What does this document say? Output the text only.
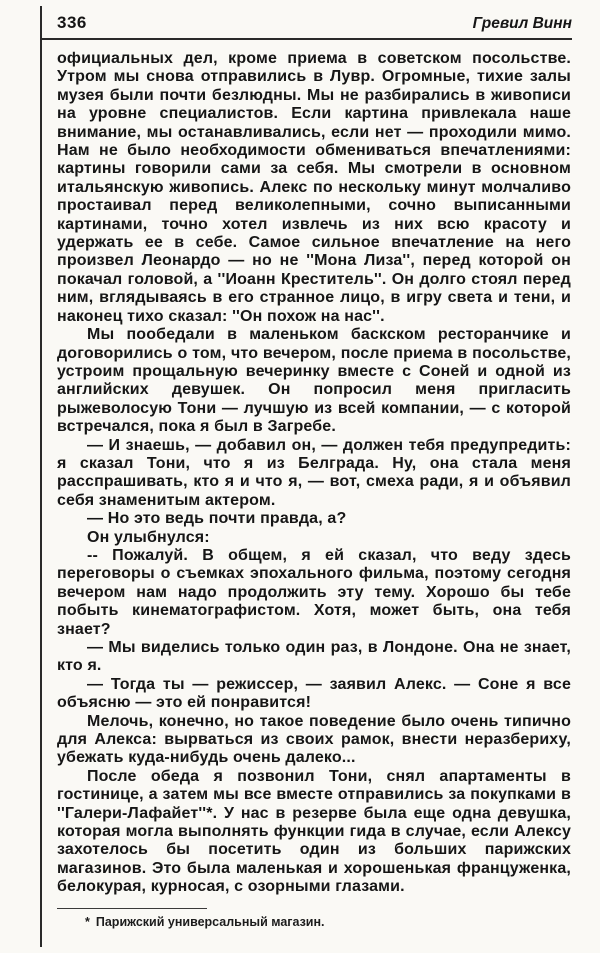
336	Гревил Винн

официальных дел, кроме приема в советском посольстве. Утром мы снова отправились в Лувр. Огромные, тихие залы музея были почти безлюдны. Мы не разбирались в живописи на уровне специалистов. Если картина привлекала наше внимание, мы останавливались, если нет — проходили мимо. Нам не было необходимости обмениваться впечатлениями: картины говорили сами за себя. Мы смотрели в основном итальянскую живопись. Алекс по нескольку минут молчаливо простаивал перед великолепными, сочно выписанными картинами, точно хотел извлечь из них всю красоту и удержать ее в себе. Самое сильное впечатление на него произвел Леонардо — но не ''Мона Лиза'', перед которой он покачал головой, а ''Иоанн Креститель''. Он долго стоял перед ним, вглядываясь в его странное лицо, в игру света и тени, и наконец тихо сказал: ''Он похож на нас''.

Мы пообедали в маленьком баскском ресторанчике и договорились о том, что вечером, после приема в посольстве, устроим прощальную вечеринку вместе с Соней и одной из английских девушек. Он попросил меня пригласить рыжеволосую Тони — лучшую из всей компании, — с которой встречался, пока я был в Загребе.

— И знаешь, — добавил он, — должен тебя предупредить: я сказал Тони, что я из Белграда. Ну, она стала меня расспрашивать, кто я и что я, — вот, смеха ради, я и объявил себя знаменитым актером.

— Но это ведь почти правда, а?

Он улыбнулся:

-- Пожалуй. В общем, я ей сказал, что веду здесь переговоры о съемках эпохального фильма, поэтому сегодня вечером нам надо продолжить эту тему. Хорошо бы тебе побыть кинематографистом. Хотя, может быть, она тебя знает?

— Мы виделись только один раз, в Лондоне. Она не знает, кто я.

— Тогда ты — режиссер, — заявил Алекс. — Соне я все объясню — это ей понравится!

Мелочь, конечно, но такое поведение было очень типично для Алекса: вырваться из своих рамок, внести неразбериху, убежать куда-нибудь очень далеко...

После обеда я позвонил Тони, снял апартаменты в гостинице, а затем мы все вместе отправились за покупками в ''Галери-Лафайет''*. У нас в резерве была еще одна девушка, которая могла выполнять функции гида в случае, если Алексу захотелось бы посетить один из больших парижских магазинов. Это была маленькая и хорошенькая француженка, белокурая, курносая, с озорными глазами.

* Парижский универсальный магазин.
